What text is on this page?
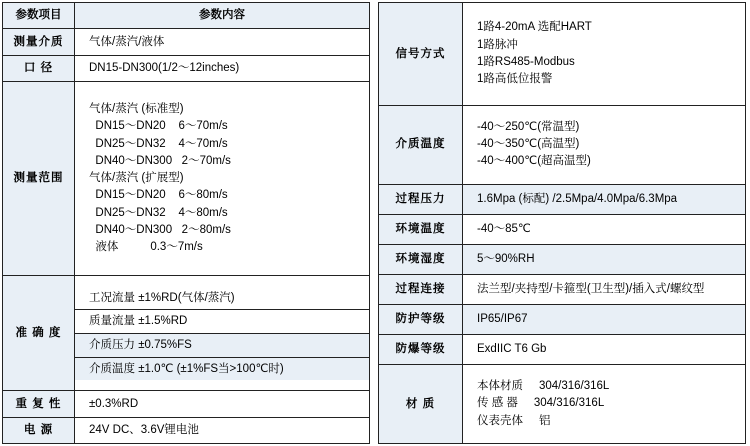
参数项目	参数内容
测量介质	气体/蒸汽/液体
口 径	DN15-DN300(1/2～12inches)
测量范围	
气体/蒸汽 (标准型)
DN15～DN20    6～70m/s
DN25～DN32    4～70m/s
DN40～DN300   2～70m/s
气体/蒸汽 (扩展型)
DN15～DN20    6～80m/s
DN25～DN32    4～80m/s
DN40～DN300   2～80m/s
液体          0.3～7m/s

准 确 度	工况流量 ±1%RD(气体/蒸汽)
质量流量 ±1.5%RD
介质压力 ±0.75%FS
介质温度 ±1.0℃ (±1%FS当>100℃时)

重 复 性	±0.3%RD
电 源	24V DC、3.6V锂电池
信号方式	1路4-20mA 选配HART
1路脉冲
1路RS485-Modbus
1路高低位报警

介质温度	-40～250℃(常温型)
-40～350℃(高温型)
-40～400℃(超高温型)

过程压力	1.6Mpa (标配) /2.5Mpa/4.0Mpa/6.3Mpa
环境温度	-40～85℃
环境湿度	5～90%RH
过程连接	法兰型/夹持型/卡箍型(卫生型)/插入式/螺纹型
防护等级	IP65/IP67
防爆等级	ExdIIC T6 Gb
材 质	本体材质     304/316/316L
传 感 器     304/316/316L
仪表壳体     铝
